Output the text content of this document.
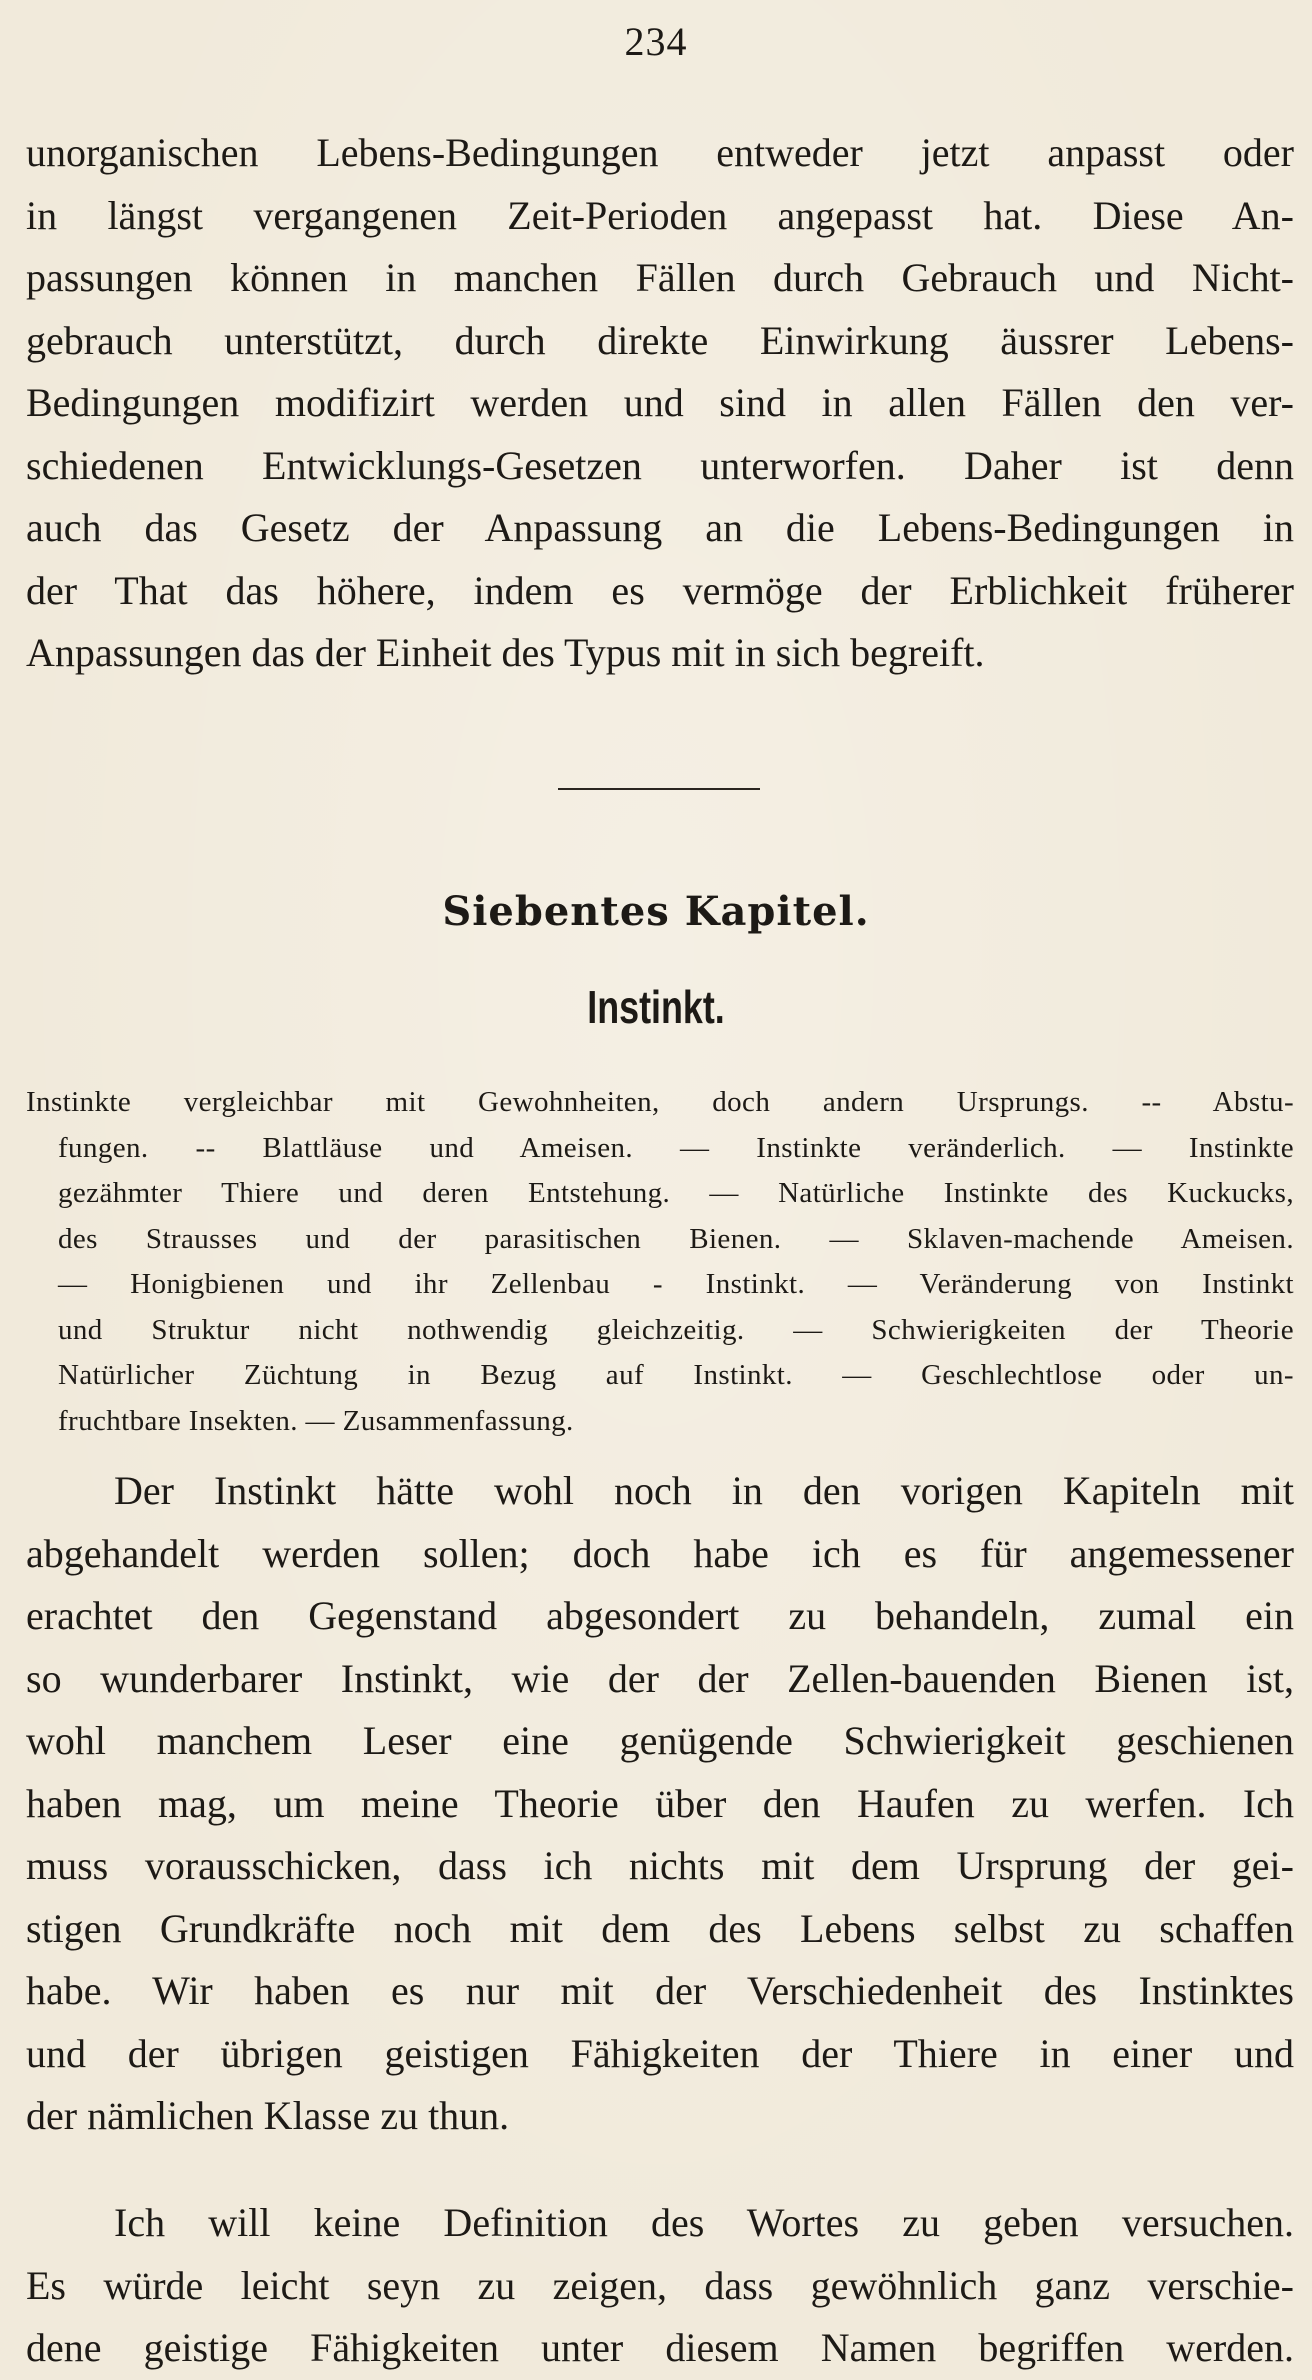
234
unorganischen Lebens-Bedingungen entweder jetzt anpasst oder
in längst vergangenen Zeit-Perioden angepasst hat. Diese An-
passungen können in manchen Fällen durch Gebrauch und Nicht-
gebrauch unterstützt, durch direkte Einwirkung äussrer Lebens-
Bedingungen modifizirt werden und sind in allen Fällen den ver-
schiedenen Entwicklungs-Gesetzen unterworfen. Daher ist denn
auch das Gesetz der Anpassung an die Lebens-Bedingungen in
der That das höhere, indem es vermöge der Erblichkeit früherer
Anpassungen das der Einheit des Typus mit in sich begreift.
Siebentes Kapitel.
Instinkt.
Instinkte vergleichbar mit Gewohnheiten, doch andern Ursprungs. -- Abstu-
fungen. -- Blattläuse und Ameisen. — Instinkte veränderlich. — Instinkte
gezähmter Thiere und deren Entstehung. — Natürliche Instinkte des Kuckucks,
des Strausses und der parasitischen Bienen. — Sklaven-machende Ameisen.
— Honigbienen und ihr Zellenbau - Instinkt. — Veränderung von Instinkt
und Struktur nicht nothwendig gleichzeitig. — Schwierigkeiten der Theorie
Natürlicher Züchtung in Bezug auf Instinkt. — Geschlechtlose oder un-
fruchtbare Insekten. — Zusammenfassung.
Der Instinkt hätte wohl noch in den vorigen Kapiteln mit
abgehandelt werden sollen; doch habe ich es für angemessener
erachtet den Gegenstand abgesondert zu behandeln, zumal ein
so wunderbarer Instinkt, wie der der Zellen-bauenden Bienen ist,
wohl manchem Leser eine genügende Schwierigkeit geschienen
haben mag, um meine Theorie über den Haufen zu werfen. Ich
muss vorausschicken, dass ich nichts mit dem Ursprung der gei-
stigen Grundkräfte noch mit dem des Lebens selbst zu schaffen
habe. Wir haben es nur mit der Verschiedenheit des Instinktes
und der übrigen geistigen Fähigkeiten der Thiere in einer und
der nämlichen Klasse zu thun.
Ich will keine Definition des Wortes zu geben versuchen.
Es würde leicht seyn zu zeigen, dass gewöhnlich ganz verschie-
dene geistige Fähigkeiten unter diesem Namen begriffen werden.
